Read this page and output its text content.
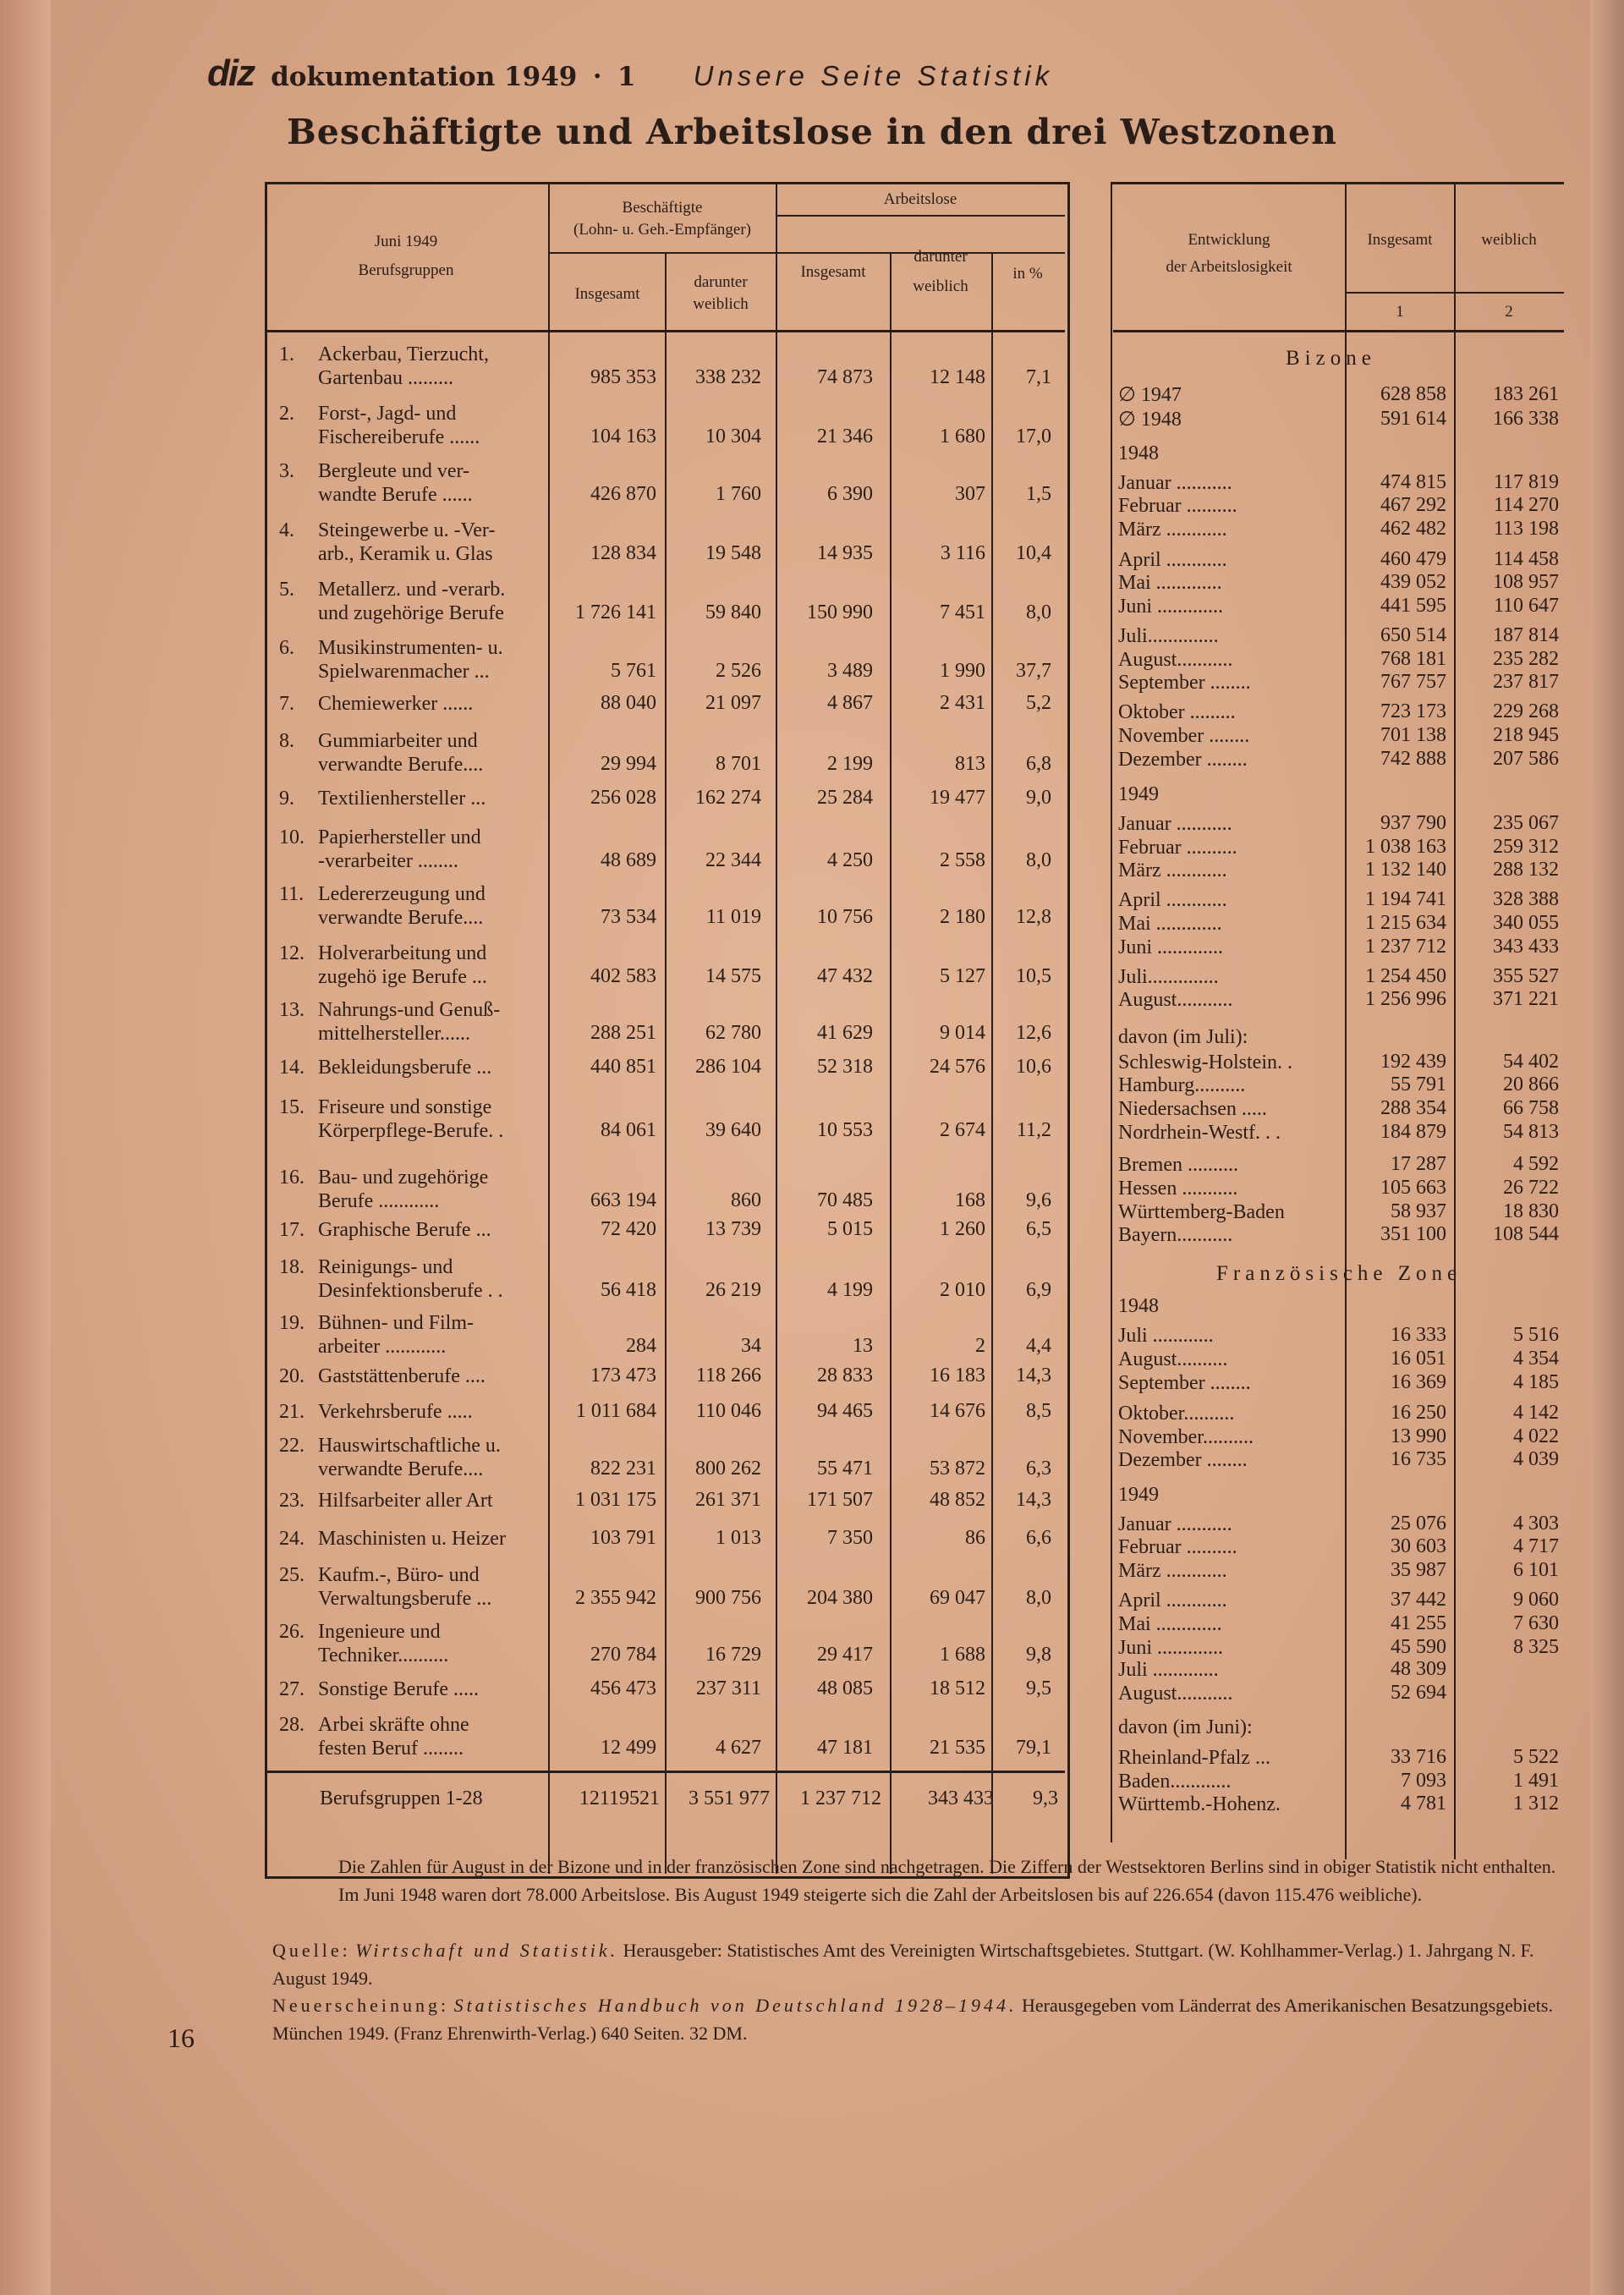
diz dokumentation 1949 · 1 Unsere Seite Statistik
Beschäftigte und Arbeitslose in den drei Westzonen
Juni 1949
Berufsgruppen
Beschäftigte
(Lohn- u. Geh.-Empfänger)
Arbeitslose
Insgesamt
darunter
weiblich
Insgesamt
darunter
weiblich
in %
1. Ackerbau, Tierzucht,
Gartenbau .........	985 353	338 232	74 873	12 148	7,1
2. Forst-, Jagd- und
Fischereiberufe ......	104 163	10 304	21 346	1 680	17,0
3. Bergleute und ver-
wandte Berufe ......	426 870	1 760	6 390	307	1,5
4. Steingewerbe u. -Ver-
arb., Keramik u. Glas	128 834	19 548	14 935	3 116	10,4
5. Metallerz. und -verarb.
und zugehörige Berufe	1 726 141	59 840	150 990	7 451	8,0
6. Musikinstrumenten- u.
Spielwarenmacher ...	5 761	2 526	3 489	1 990	37,7
7. Chemiewerker ......	88 040	21 097	4 867	2 431	5,2
8. Gummiarbeiter und
verwandte Berufe....	29 994	8 701	2 199	813	6,8
9. Textilienhersteller ...	256 028	162 274	25 284	19 477	9,0
10. Papierhersteller und
-verarbeiter ........	48 689	22 344	4 250	2 558	8,0
11. Ledererzeugung und
verwandte Berufe....	73 534	11 019	10 756	2 180	12,8
12. Holverarbeitung und
zugehö ige Berufe ...	402 583	14 575	47 432	5 127	10,5
13. Nahrungs-und Genuß-
mittelhersteller......	288 251	62 780	41 629	9 014	12,6
14. Bekleidungsberufe ...	440 851	286 104	52 318	24 576	10,6
15. Friseure und sonstige
Körperpflege-Berufe. .	84 061	39 640	10 553	2 674	11,2
16. Bau- und zugehörige
Berufe ............	663 194	860	70 485	168	9,6
17. Graphische Berufe ...	72 420	13 739	5 015	1 260	6,5
18. Reinigungs- und
Desinfektionsberufe . .	56 418	26 219	4 199	2 010	6,9
19. Bühnen- und Film-
arbeiter ............	284	34	13	2	4,4
20. Gaststättenberufe ....	173 473	118 266	28 833	16 183	14,3
21. Verkehrsberufe .....	1 011 684	110 046	94 465	14 676	8,5
22. Hauswirtschaftliche u.
verwandte Berufe....	822 231	800 262	55 471	53 872	6,3
23. Hilfsarbeiter aller Art	1 031 175	261 371	171 507	48 852	14,3
24. Maschinisten u. Heizer	103 791	1 013	7 350	86	6,6
25. Kaufm.-, Büro- und
Verwaltungsberufe ...	2 355 942	900 756	204 380	69 047	8,0
26. Ingenieure und
Techniker..........	270 784	16 729	29 417	1 688	9,8
27. Sonstige Berufe .....	456 473	237 311	48 085	18 512	9,5
28. Arbei skräfte ohne
festen Beruf ........	12 499	4 627	47 181	21 535	79,1
Berufsgruppen 1-28	12119521	3 551 977	1 237 712	343 433	9,3
Entwicklung
der Arbeitslosigkeit
Insgesamt	weiblich
1	2
Bizone
Französische Zone
∅ 1947	628 858	183 261
∅ 1948	591 614	166 338
1948
Januar ...........	474 815	117 819
Februar ..........	467 292	114 270
März ............	462 482	113 198
April ............	460 479	114 458
Mai .............	439 052	108 957
Juni .............	441 595	110 647
Juli..............	650 514	187 814
August...........	768 181	235 282
September ........	767 757	237 817
Oktober .........	723 173	229 268
November ........	701 138	218 945
Dezember ........	742 888	207 586
1949
Januar ...........	937 790	235 067
Februar ..........	1 038 163	259 312
März ............	1 132 140	288 132
April ............	1 194 741	328 388
Mai .............	1 215 634	340 055
Juni .............	1 237 712	343 433
Juli..............	1 254 450	355 527
August...........	1 256 996	371 221
davon (im Juli):
Schleswig-Holstein. .	192 439	54 402
Hamburg..........	55 791	20 866
Niedersachsen .....	288 354	66 758
Nordrhein-Westf. . .	184 879	54 813
Bremen ..........	17 287	4 592
Hessen ...........	105 663	26 722
Württemberg-Baden	58 937	18 830
Bayern...........	351 100	108 544
1948
Juli ............	16 333	5 516
August..........	16 051	4 354
September ........	16 369	4 185
Oktober..........	16 250	4 142
November..........	13 990	4 022
Dezember ........	16 735	4 039
1949
Januar ...........	25 076	4 303
Februar ..........	30 603	4 717
März ............	35 987	6 101
April ............	37 442	9 060
Mai .............	41 255	7 630
Juni .............	45 590	8 325
Juli .............	48 309
August...........	52 694
davon (im Juni):
Rheinland-Pfalz ...	33 716	5 522
Baden............	7 093	1 491
Württemb.-Hohenz.	4 781	1 312
Die Zahlen für August in der Bizone und in der französischen Zone sind nachgetragen. Die Ziffern der Westsektoren Berlins sind in obiger Statistik nicht enthalten. Im Juni 1948 waren dort 78.000 Arbeitslose. Bis August 1949 steigerte sich die Zahl der Arbeitslosen bis auf 226.654 (davon 115.476 weibliche).
Quelle: Wirtschaft und Statistik. Herausgeber: Statistisches Amt des Vereinigten Wirtschaftsgebietes. Stuttgart. (W. Kohlhammer-Verlag.) 1. Jahrgang N. F. August 1949.
Neuerscheinung: Statistisches Handbuch von Deutschland 1928–1944. Herausgegeben vom Länderrat des Amerikanischen Besatzungsgebiets. München 1949. (Franz Ehrenwirth-Verlag.) 640 Seiten. 32 DM.
16
